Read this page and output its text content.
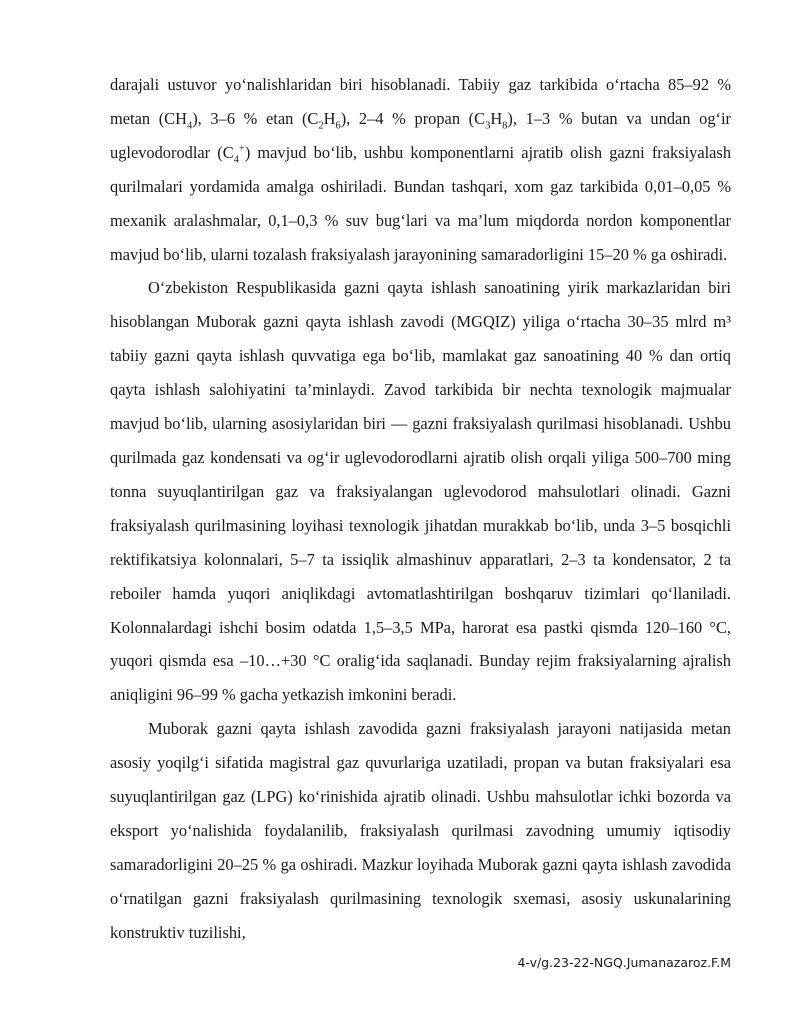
darajali ustuvor yo‘nalishlaridan biri hisoblanadi. Tabiiy gaz tarkibida o‘rtacha 85–92 % metan $(CH_4)$, 3–6 % etan $(C_2H_6)$, 2–4 % propan $(C_3H_8)$, 1–3 % butan va undan og‘ir uglevodorodlar $(C_4^+)$ mavjud bo‘lib, ushbu komponentlarni ajratib olish gazni fraksiyalash qurilmalari yordamida amalga oshiriladi. Bundan tashqari, xom gaz tarkibida 0,01–0,05 % mexanik aralashmalar, 0,1–0,3 % suv bug‘lari va ma’lum miqdorda nordon komponentlar mavjud bo‘lib, ularni tozalash fraksiyalash jarayonining samaradorligini 15–20 % ga oshiradi.

O‘zbekiston Respublikasida gazni qayta ishlash sanoatining yirik markazlaridan biri hisoblangan Muborak gazni qayta ishlash zavodi (MGQIZ) yiliga o‘rtacha 30–35 mlrd m³ tabiiy gazni qayta ishlash quvvatiga ega bo‘lib, mamlakat gaz sanoatining 40 % dan ortiq qayta ishlash salohiyatini ta’minlaydi. Zavod tarkibida bir nechta texnologik majmualar mavjud bo‘lib, ularning asosiylaridan biri — gazni fraksiyalash qurilmasi hisoblanadi. Ushbu qurilmada gaz kondensati va og‘ir uglevodorodlarni ajratib olish orqali yiliga 500–700 ming tonna suyuqlantirilgan gaz va fraksiyalangan uglevodorod mahsulotlari olinadi. Gazni fraksiyalash qurilmasining loyihasi texnologik jihatdan murakkab bo‘lib, unda 3–5 bosqichli rektifikatsiya kolonnalari, 5–7 ta issiqlik almashinuv apparatlari, 2–3 ta kondensator, 2 ta reboiler hamda yuqori aniqlikdagi avtomatlashtirilgan boshqaruv tizimlari qo‘llaniladi. Kolonnalardagi ishchi bosim odatda 1,5–3,5 MPa, harorat esa pastki qismda 120–160 °C, yuqori qismda esa –10…+30 °C oralig‘ida saqlanadi. Bunday rejim fraksiyalarning ajralish aniqligini 96–99 % gacha yetkazish imkonini beradi.

Muborak gazni qayta ishlash zavodida gazni fraksiyalash jarayoni natijasida metan asosiy yoqilg‘i sifatida magistral gaz quvurlariga uzatiladi, propan va butan fraksiyalari esa suyuqlantirilgan gaz (LPG) ko‘rinishida ajratib olinadi. Ushbu mahsulotlar ichki bozorda va eksport yo‘nalishida foydalanilib, fraksiyalash qurilmasi zavodning umumiy iqtisodiy samaradorligini 20–25 % ga oshiradi. Mazkur loyihada Muborak gazni qayta ishlash zavodida o‘rnatilgan gazni fraksiyalash qurilmasining texnologik sxemasi, asosiy uskunalarining konstruktiv tuzilishi,

4-v/g.23-22-NGQ.Jumanazaroz.F.M
